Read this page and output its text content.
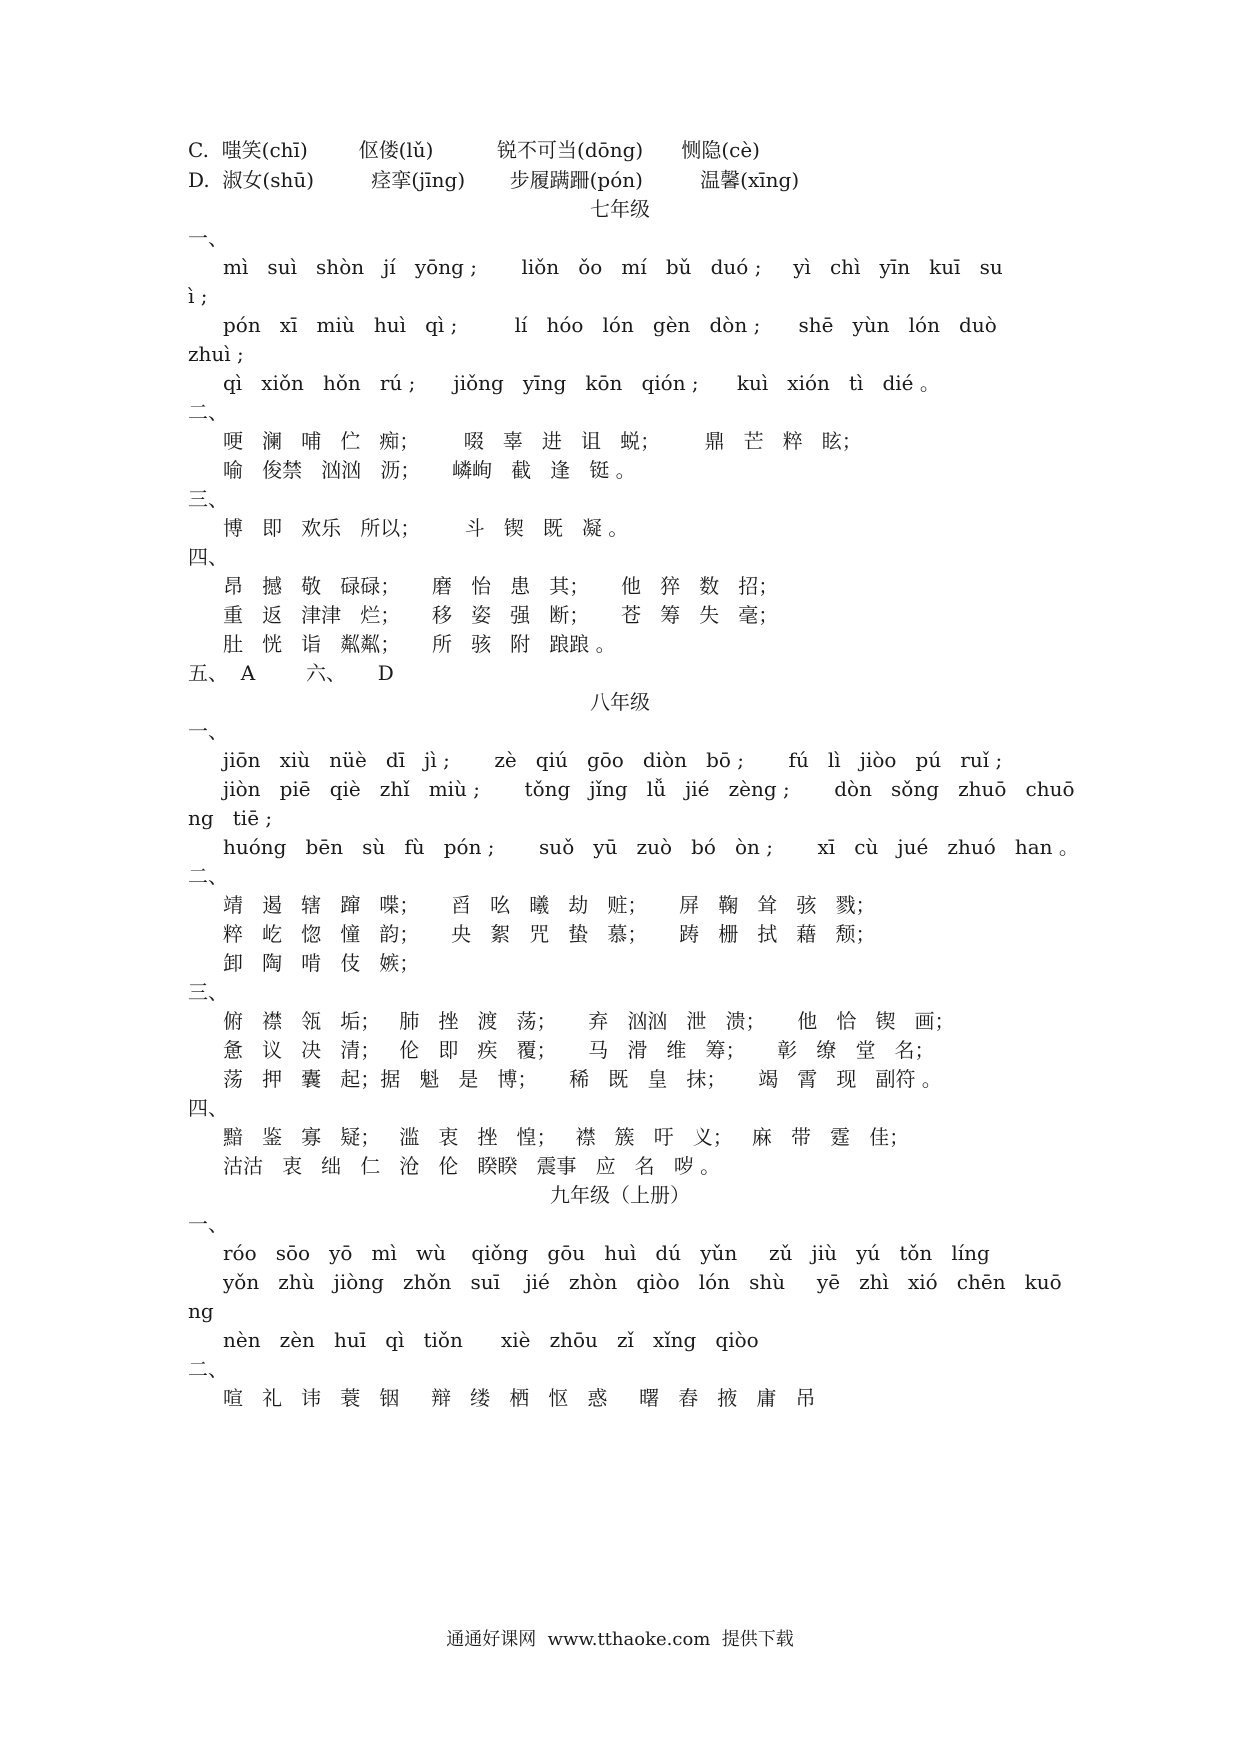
C.  嗤笑(chī)        伛偻(lǔ)          锐不可当(dōng)      恻隐(cè)
D.  淑女(shū)         痉挛(jīng)       步履蹒跚(pón)         温馨(xīng)
七年级
一、
mì   suì   shòn   jí   yōng ;       liǒn   ǒo   mí   bǔ   duó ;     yì   chì   yīn   kuī   su
ì ;
pón   xī   miù   huì   qì ;         lí   hóo   lón   gèn   dòn ;      shē   yùn   lón   duò
zhuì ;
qì   xiǒn   hǒn   rú ;      jiǒng   yīng   kōn   qión ;      kuì   xión   tì   dié 。
二、
哽   澜   哺   伫   痴；       啜   辜   进   诅   蜕；       鼎   芒   粹   眩；
喻   俊禁   汹汹   沥；     嶙峋   截   逢   铤 。
三、
博   即   欢乐   所以；       斗   锲   既   凝 。
四、
昂   撼   敬   碌碌；     磨   怡   患   其；     他   猝   数   招；
重   返   津津   烂；     移   姿   强   断；     苍   筹   失   毫；
肚   恍   诣   粼粼；     所   骇   附   踉踉 。
五、  A        六、     D
八年级
一、
jiōn   xiù   nüè   dī   jì ;       zè   qiú   gōo   diòn   bō ;       fú   lì   jiòo   pú   ruǐ ;
jiòn   piē   qiè   zhǐ   miù ;       tǒng   jǐng   lǚ   jié   zèng ;       dòn   sǒng   zhuō   chuō
ng   tiē ;
huóng   bēn   sù   fù   pón ;       suǒ   yū   zuò   bó   òn ;       xī   cù   jué   zhuó   han 。
二、
靖   遏   辖   蹿   喋；     舀   吆   曦   劫   赃；     屏   鞠   耸   骇   戮；
粹   屹   惚   憧   韵；     央   絮   咒   蛰   慕；     踌   栅   拭   藉   颓；
卸   陶   啃   伎   嫉；
三、
俯   襟   瓴   垢；   肺   挫   渡   荡；     弃   汹汹   泄   溃；     他   恰   锲   画；
惫   议   决   清；   伦   即   疾   覆；     马   滑   维   筹；     彰   缭   堂   名；
荡   押   囊   起；据   魁   是   博；     稀   既   皇   抹；     竭   霄   现   副符 。
四、
黯   鉴   寡   疑；   滥   衷   挫   惶；   襟   簇   吁   义；   麻   带   霆   佳；
沽沽   衷   绌   仁   沧   伦   睽睽   震事   应   名   哕 。
九年级（上册）
一、
róo   sōo   yō   mì   wù    qiǒng   gōu   huì   dú   yǔn     zǔ   jiù   yú   tǒn   líng
yǒn   zhù   jiòng   zhǒn   suī    jié   zhòn   qiòo   lón   shù     yē   zhì   xió   chēn   kuō
ng
nèn   zèn   huī   qì   tiǒn      xiè   zhōu   zǐ   xǐng   qiòo
二、
喧   礼   讳   蓑   铟     辩   缕   栖   怄   惑     曙   舂   掖   庸   吊
通通好课网  www.tthaoke.com  提供下载
